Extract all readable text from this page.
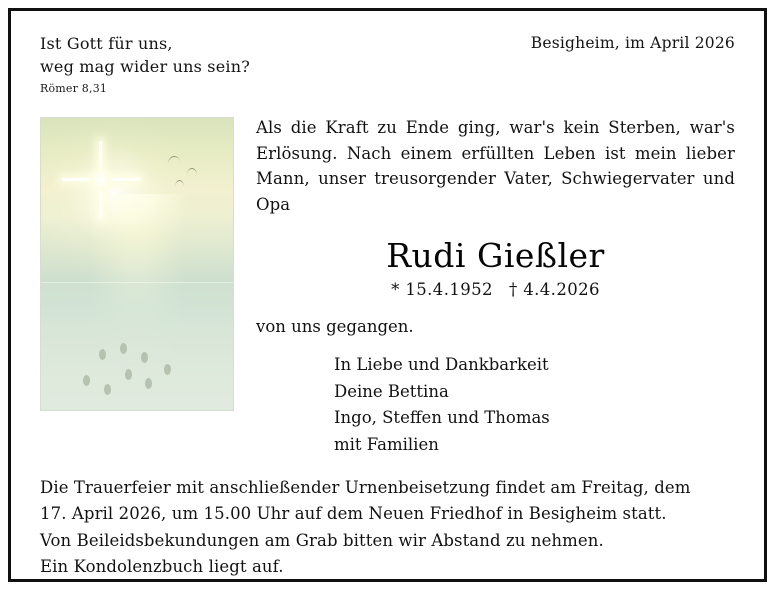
Ist Gott für uns,
weg mag wider uns sein?
Römer 8,31
Besigheim, im April 2026
Als die Kraft zu Ende ging, war's kein Sterben, war's Erlösung. Nach einem erfüllten Leben ist mein lieber Mann, unser treusorgender Vater, Schwiegervater und Opa
Rudi Gießler
* 15.4.1952 † 4.4.2026
von uns gegangen.
In Liebe und Dankbarkeit
Deine Bettina
Ingo, Steffen und Thomas
mit Familien
Die Trauerfeier mit anschließender Urnenbeisetzung findet am Freitag, dem
17. April 2026, um 15.00 Uhr auf dem Neuen Friedhof in Besigheim statt.
Von Beileidsbekundungen am Grab bitten wir Abstand zu nehmen.
Ein Kondolenzbuch liegt auf.
